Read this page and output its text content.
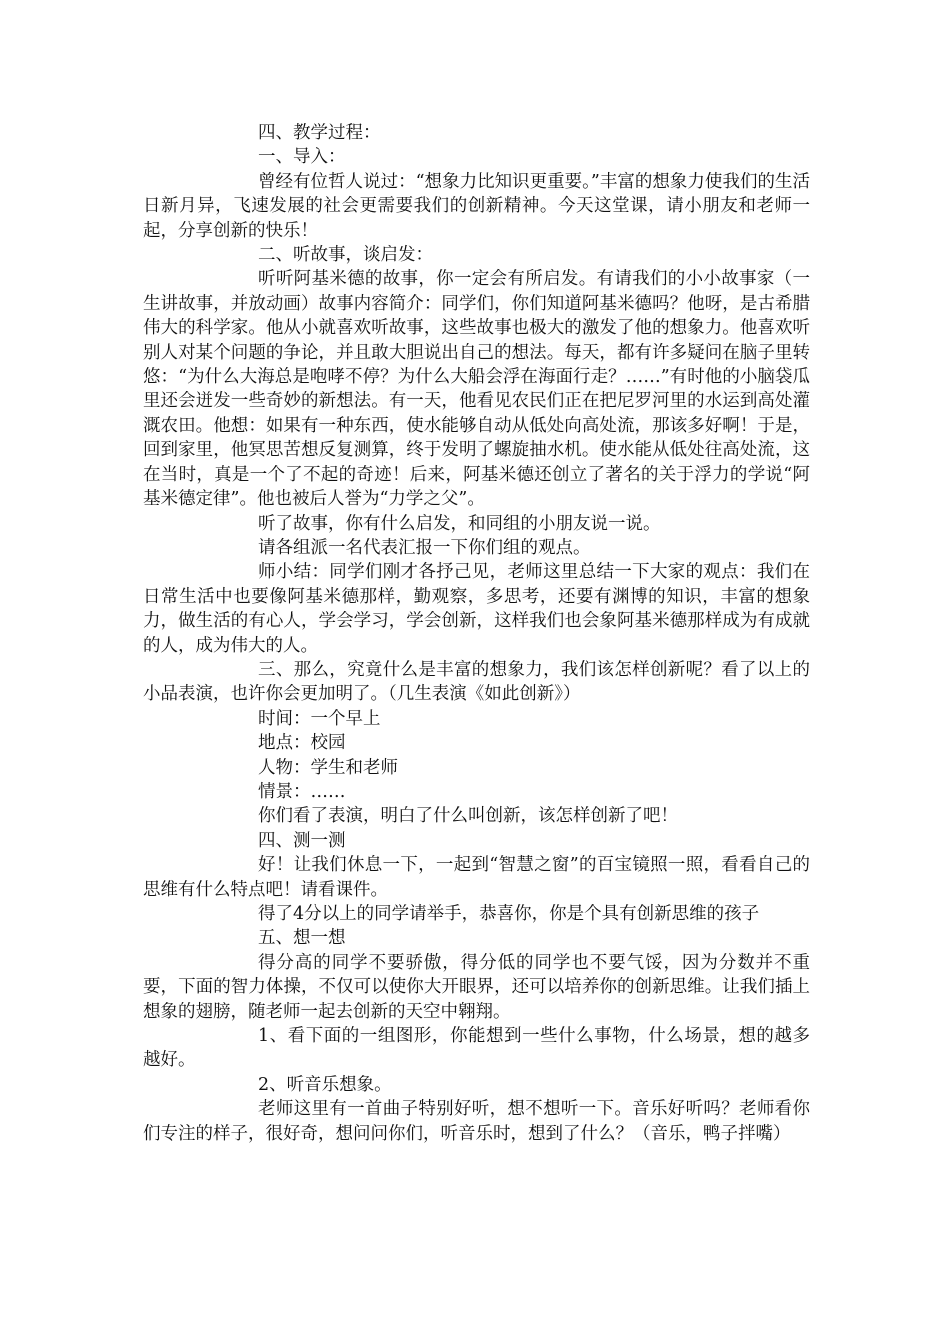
四、教学过程：

一、导入：

曾经有位哲人说过：“想象力比知识更重要。”丰富的想象力使我们的生活日新月异，飞速发展的社会更需要我们的创新精神。今天这堂课，请小朋友和老师一起，分享创新的快乐！

二、听故事，谈启发：

听听阿基米德的故事，你一定会有所启发。有请我们的小小故事家（一生讲故事，并放动画）故事内容简介：同学们，你们知道阿基米德吗？他呀，是古希腊伟大的科学家。他从小就喜欢听故事，这些故事也极大的激发了他的想象力。他喜欢听别人对某个问题的争论，并且敢大胆说出自己的想法。每天，都有许多疑问在脑子里转悠：“为什么大海总是咆哮不停？为什么大船会浮在海面行走？……”有时他的小脑袋瓜里还会迸发一些奇妙的新想法。有一天，他看见农民们正在把尼罗河里的水运到高处灌溉农田。他想：如果有一种东西，使水能够自动从低处向高处流，那该多好啊！于是，回到家里，他冥思苦想反复测算，终于发明了螺旋抽水机。使水能从低处往高处流，这在当时，真是一个了不起的奇迹！后来，阿基米德还创立了著名的关于浮力的学说“阿基米德定律”。他也被后人誉为“力学之父”。

听了故事，你有什么启发，和同组的小朋友说一说。

请各组派一名代表汇报一下你们组的观点。

师小结：同学们刚才各抒己见，老师这里总结一下大家的观点：我们在日常生活中也要像阿基米德那样，勤观察，多思考，还要有渊博的知识，丰富的想象力，做生活的有心人，学会学习，学会创新，这样我们也会象阿基米德那样成为有成就的人，成为伟大的人。

三、那么，究竟什么是丰富的想象力，我们该怎样创新呢？看了以上的小品表演，也许你会更加明了。（几生表演《如此创新》）

时间：一个早上

地点：校园

人物：学生和老师

情景：……

你们看了表演，明白了什么叫创新，该怎样创新了吧！

四、测一测

好！让我们休息一下，一起到“智慧之窗”的百宝镜照一照，看看自己的思维有什么特点吧！请看课件。

得了4分以上的同学请举手，恭喜你，你是个具有创新思维的孩子

五、想一想

得分高的同学不要骄傲，得分低的同学也不要气馁，因为分数并不重要，下面的智力体操，不仅可以使你大开眼界，还可以培养你的创新思维。让我们插上想象的翅膀，随老师一起去创新的天空中翱翔。

1、看下面的一组图形，你能想到一些什么事物，什么场景，想的越多越好。

2、听音乐想象。

老师这里有一首曲子特别好听，想不想听一下。音乐好听吗？老师看你们专注的样子，很好奇，想问问你们，听音乐时，想到了什么？（音乐，鸭子拌嘴）
